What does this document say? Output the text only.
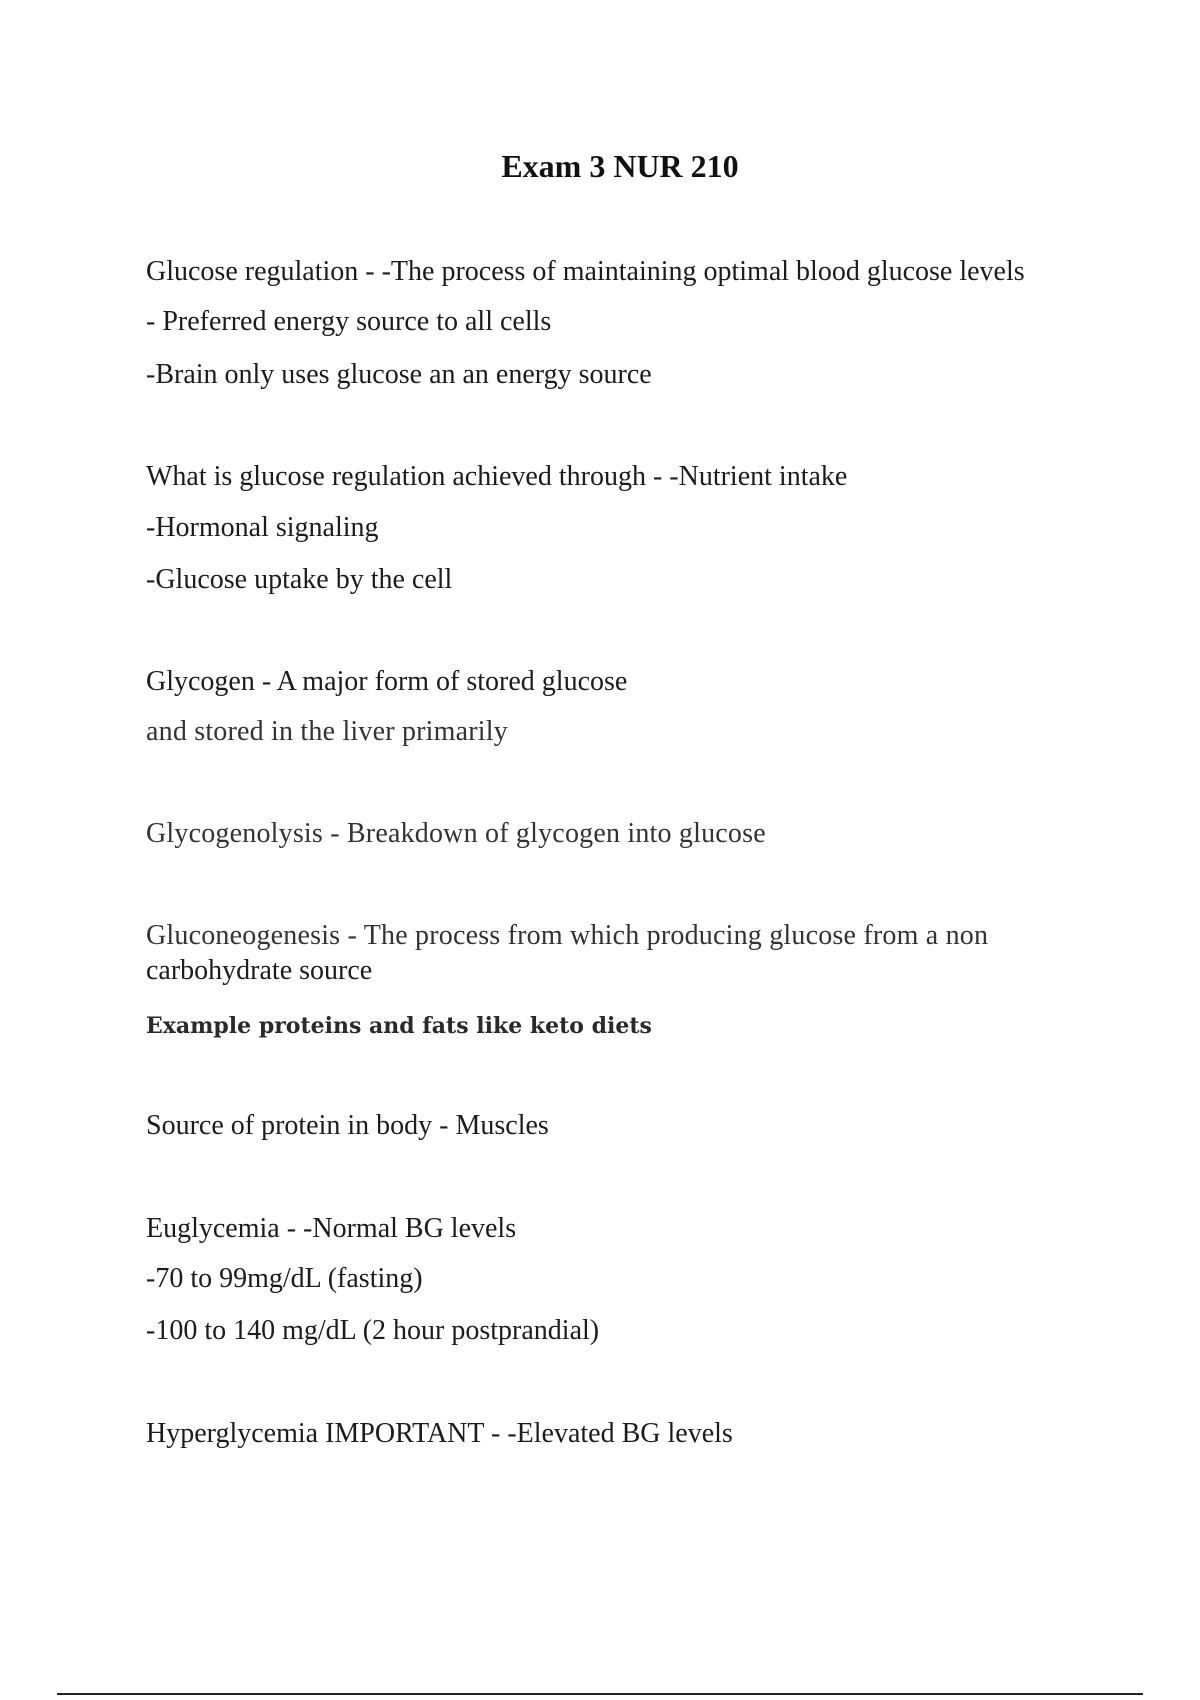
Exam 3 NUR 210
Glucose regulation - -The process of maintaining optimal blood glucose levels
- Preferred energy source to all cells
-Brain only uses glucose an an energy source
What is glucose regulation achieved through - -Nutrient intake
-Hormonal signaling
-Glucose uptake by the cell
Glycogen - A major form of stored glucose
and stored in the liver primarily
Glycogenolysis - Breakdown of glycogen into glucose
Gluconeogenesis - The process from which producing glucose from a non
carbohydrate source
Example proteins and fats like keto diets
Source of protein in body - Muscles
Euglycemia - -Normal BG levels
-70 to 99mg/dL (fasting)
-100 to 140 mg/dL (2 hour postprandial)
Hyperglycemia IMPORTANT - -Elevated BG levels
